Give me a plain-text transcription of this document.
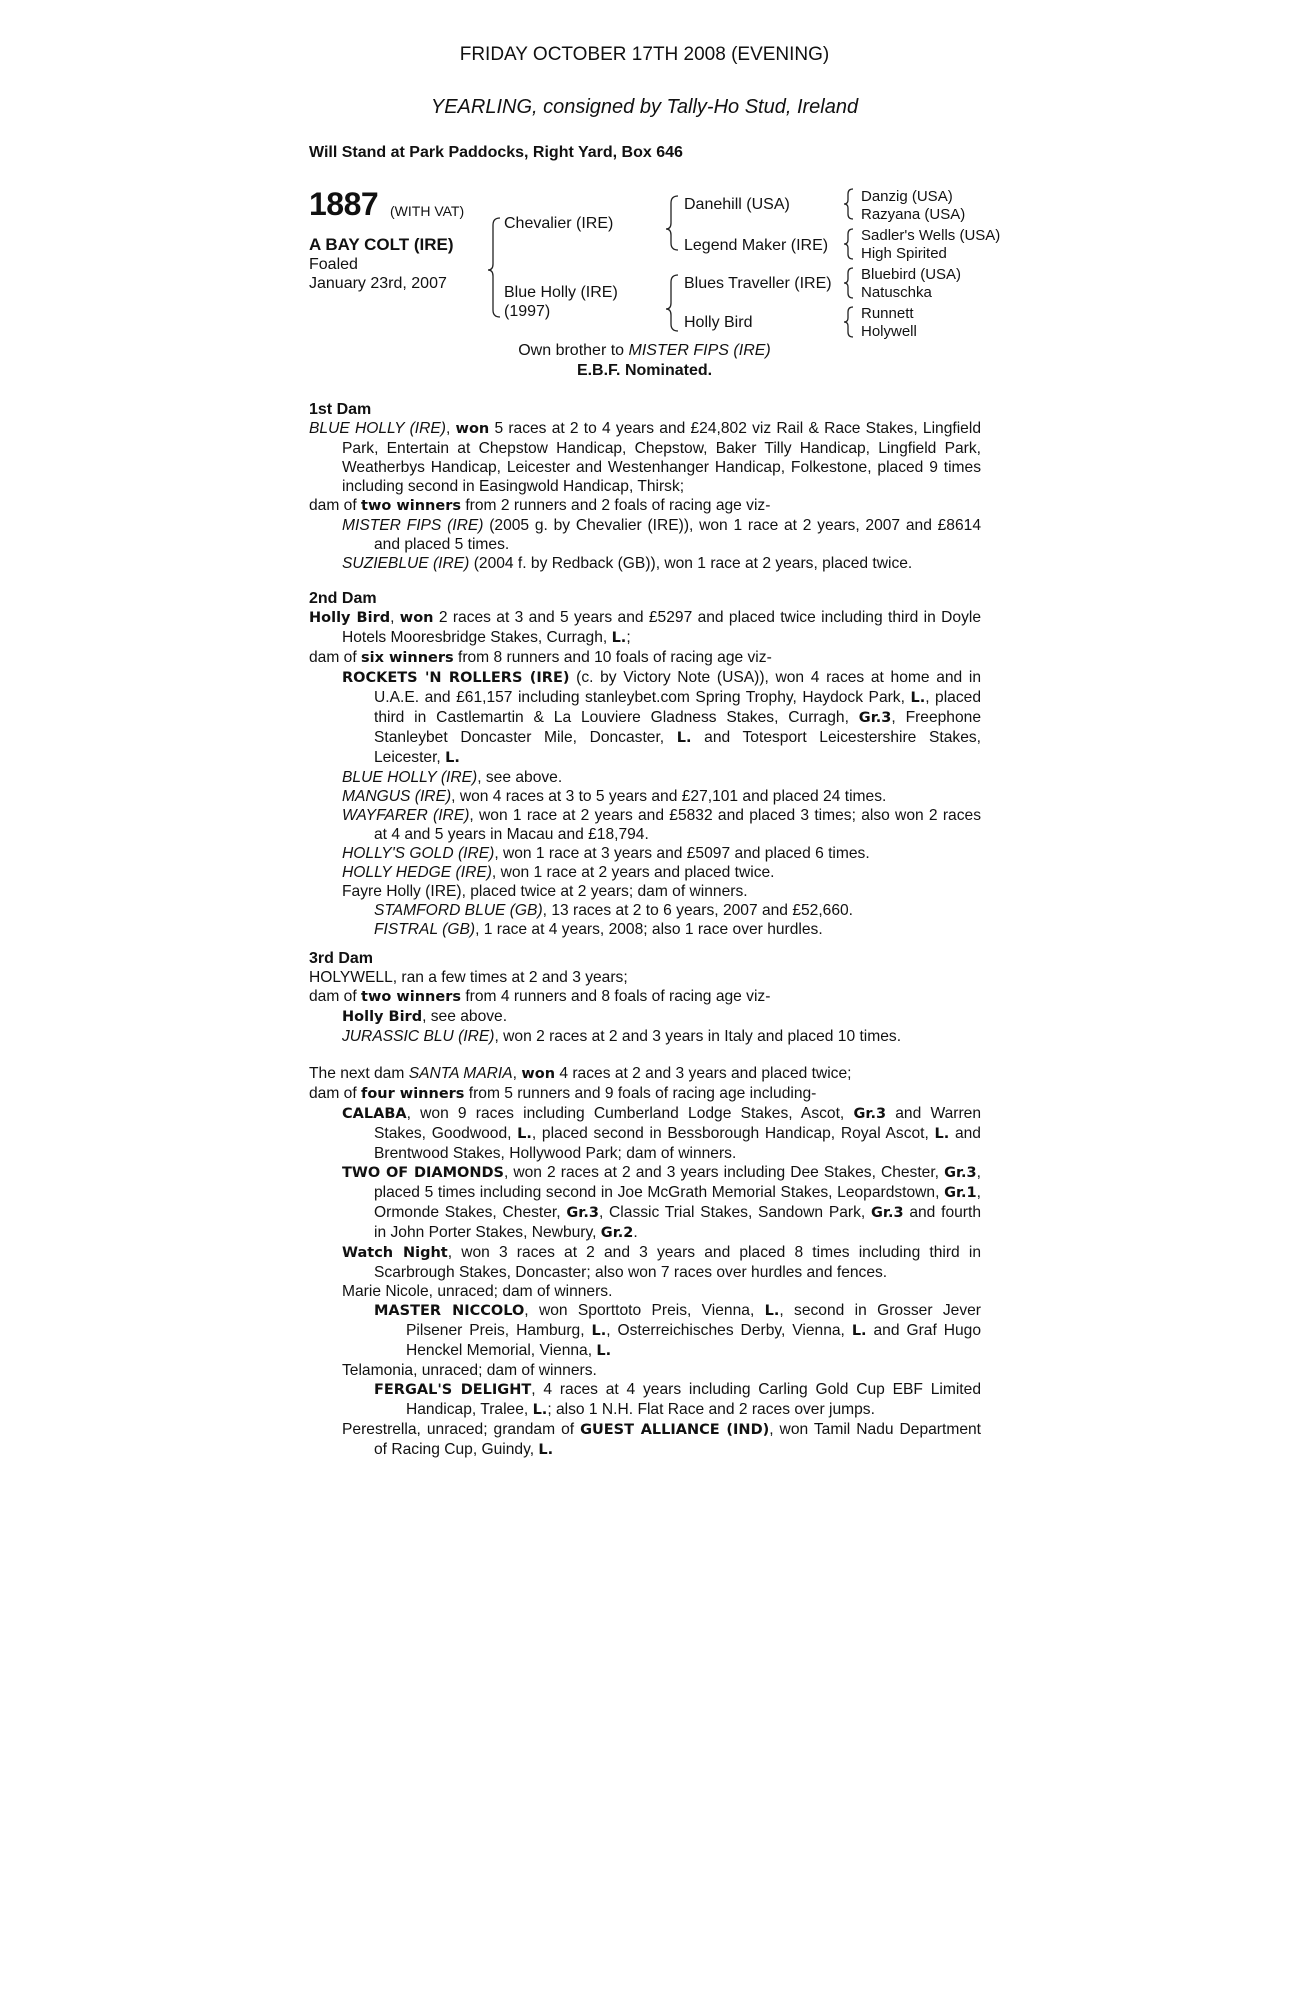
FRIDAY OCTOBER 17TH 2008 (EVENING)
YEARLING, consigned by Tally-Ho Stud, Ireland
Will Stand at Park Paddocks, Right Yard, Box 646
1887 (WITH VAT)
A BAY COLT (IRE)
Foaled
January 23rd, 2007
Chevalier (IRE)
Blue Holly (IRE)
(1997)
Danehill (USA)
Legend Maker (IRE)
Blues Traveller (IRE)
Holly Bird
Danzig (USA)
Razyana (USA)
Sadler's Wells (USA)
High Spirited
Bluebird (USA)
Natuschka
Runnett
Holywell
Own brother to MISTER FIPS (IRE)
E.B.F. Nominated.
1st Dam

BLUE HOLLY (IRE), won 5 races at 2 to 4 years and £24,802 viz Rail & Race Stakes, Lingfield Park, Entertain at Chepstow Handicap, Chepstow, Baker Tilly Handicap, Lingfield Park, Weatherbys Handicap, Leicester and Westenhanger Handicap, Folkestone, placed 9 times including second in Easingwold Handicap, Thirsk;

dam of two winners from 2 runners and 2 foals of racing age viz-

MISTER FIPS (IRE) (2005 g. by Chevalier (IRE)), won 1 race at 2 years, 2007 and £8614 and placed 5 times.

SUZIEBLUE (IRE) (2004 f. by Redback (GB)), won 1 race at 2 years, placed twice.

2nd Dam

Holly Bird, won 2 races at 3 and 5 years and £5297 and placed twice including third in Doyle Hotels Mooresbridge Stakes, Curragh, L.;

dam of six winners from 8 runners and 10 foals of racing age viz-

ROCKETS 'N ROLLERS (IRE) (c. by Victory Note (USA)), won 4 races at home and in U.A.E. and £61,157 including stanleybet.com Spring Trophy, Haydock Park, L., placed third in Castlemartin & La Louviere Gladness Stakes, Curragh, Gr.3, Freephone Stanleybet Doncaster Mile, Doncaster, L. and Totesport Leicestershire Stakes, Leicester, L.

BLUE HOLLY (IRE), see above.

MANGUS (IRE), won 4 races at 3 to 5 years and £27,101 and placed 24 times.

WAYFARER (IRE), won 1 race at 2 years and £5832 and placed 3 times; also won 2 races at 4 and 5 years in Macau and £18,794.

HOLLY'S GOLD (IRE), won 1 race at 3 years and £5097 and placed 6 times.

HOLLY HEDGE (IRE), won 1 race at 2 years and placed twice.

Fayre Holly (IRE), placed twice at 2 years; dam of winners.

STAMFORD BLUE (GB), 13 races at 2 to 6 years, 2007 and £52,660.

FISTRAL (GB), 1 race at 4 years, 2008; also 1 race over hurdles.

3rd Dam

HOLYWELL, ran a few times at 2 and 3 years;

dam of two winners from 4 runners and 8 foals of racing age viz-

Holly Bird, see above.

JURASSIC BLU (IRE), won 2 races at 2 and 3 years in Italy and placed 10 times.

The next dam SANTA MARIA, won 4 races at 2 and 3 years and placed twice;

dam of four winners from 5 runners and 9 foals of racing age including-

CALABA, won 9 races including Cumberland Lodge Stakes, Ascot, Gr.3 and Warren Stakes, Goodwood, L., placed second in Bessborough Handicap, Royal Ascot, L. and Brentwood Stakes, Hollywood Park; dam of winners.

TWO OF DIAMONDS, won 2 races at 2 and 3 years including Dee Stakes, Chester, Gr.3, placed 5 times including second in Joe McGrath Memorial Stakes, Leopardstown, Gr.1, Ormonde Stakes, Chester, Gr.3, Classic Trial Stakes, Sandown Park, Gr.3 and fourth in John Porter Stakes, Newbury, Gr.2.

Watch Night, won 3 races at 2 and 3 years and placed 8 times including third in Scarbrough Stakes, Doncaster; also won 7 races over hurdles and fences.

Marie Nicole, unraced; dam of winners.

MASTER NICCOLO, won Sporttoto Preis, Vienna, L., second in Grosser Jever Pilsener Preis, Hamburg, L., Osterreichisches Derby, Vienna, L. and Graf Hugo Henckel Memorial, Vienna, L.

Telamonia, unraced; dam of winners.

FERGAL'S DELIGHT, 4 races at 4 years including Carling Gold Cup EBF Limited Handicap, Tralee, L.; also 1 N.H. Flat Race and 2 races over jumps.

Perestrella, unraced; grandam of GUEST ALLIANCE (IND), won Tamil Nadu Department of Racing Cup, Guindy, L.
